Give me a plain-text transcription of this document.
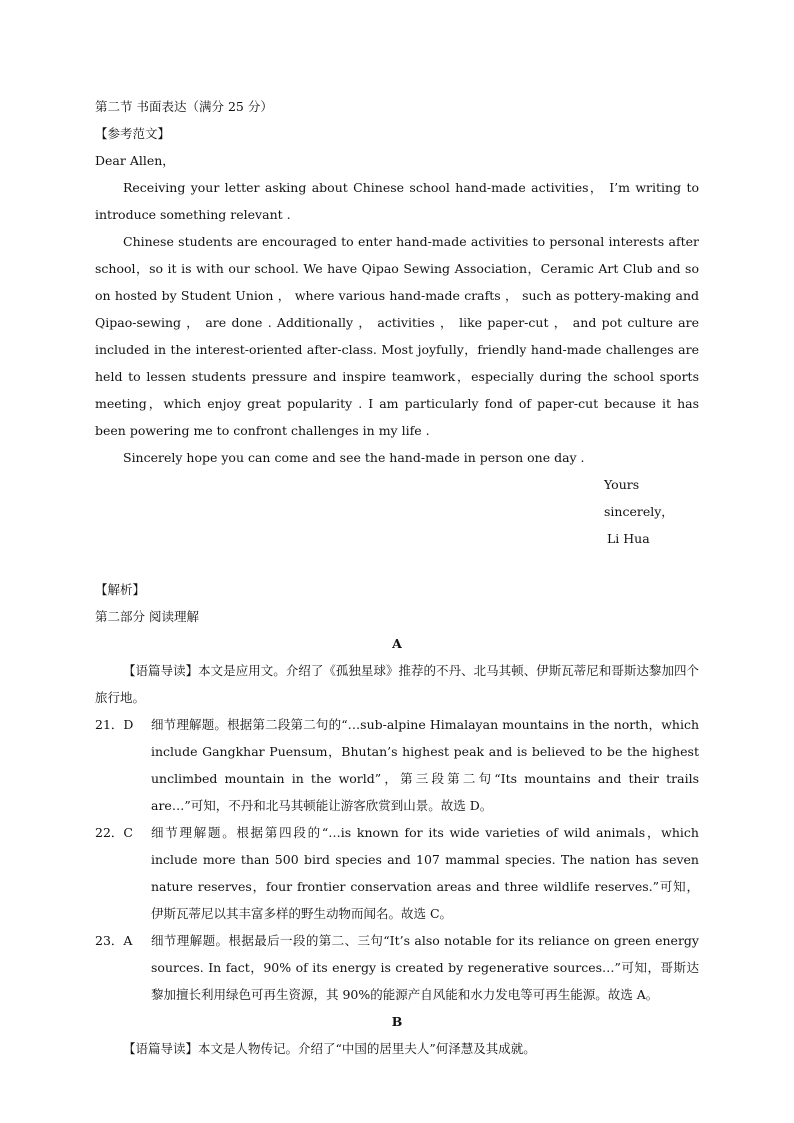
第二节 书面表达（满分 25 分）
【参考范文】
Dear Allen，

Receiving your letter asking about Chinese school hand-made activities， I’m writing to introduce something relevant .

Chinese students are encouraged to enter hand-made activities to personal interests after school，so it is with our school. We have Qipao Sewing Association，Ceramic Art Club and so on hosted by Student Union ， where various hand-made crafts ， such as pottery-making and Qipao-sewing ， are done . Additionally ， activities ， like paper-cut ， and pot culture are included in the interest-oriented after-class. Most joyfully，friendly hand-made challenges are held to lessen students pressure and inspire teamwork，especially during the school sports meeting，which enjoy great popularity . I am particularly fond of paper-cut because it has been powering me to confront challenges in my life .

Sincerely hope you can come and see the hand-made in person one day .

Yours sincerely，
Li Hua
【解析】
第二部分 阅读理解
A

【语篇导读】本文是应用文。介绍了《孤独星球》推荐的不丹、北马其顿、伊斯瓦蒂尼和哥斯达黎加四个旅行地。

21．D	细节理解题。根据第二段第二句的“…sub-alpine Himalayan mountains in the north，which include Gangkhar Puensum，Bhutan’s highest peak and is believed to be the highest unclimbed mountain in the world”，第三段第二句“Its mountains and their trails are…”可知，不丹和北马其顿能让游客欣赏到山景。故选 D。

22．C	细节理解题。根据第四段的“…is known for its wide varieties of wild animals，which include more than 500 bird species and 107 mammal species. The nation has seven nature reserves，four frontier conservation areas and three wildlife reserves.”可知，伊斯瓦蒂尼以其丰富多样的野生动物而闻名。故选 C。

23．A	细节理解题。根据最后一段的第二、三句“It’s also notable for its reliance on green energy sources. In fact，90% of its energy is created by regenerative sources…”可知，哥斯达黎加擅长利用绿色可再生资源，其 90%的能源产自风能和水力发电等可再生能源。故选 A。

B

【语篇导读】本文是人物传记。介绍了“中国的居里夫人”何泽慧及其成就。
